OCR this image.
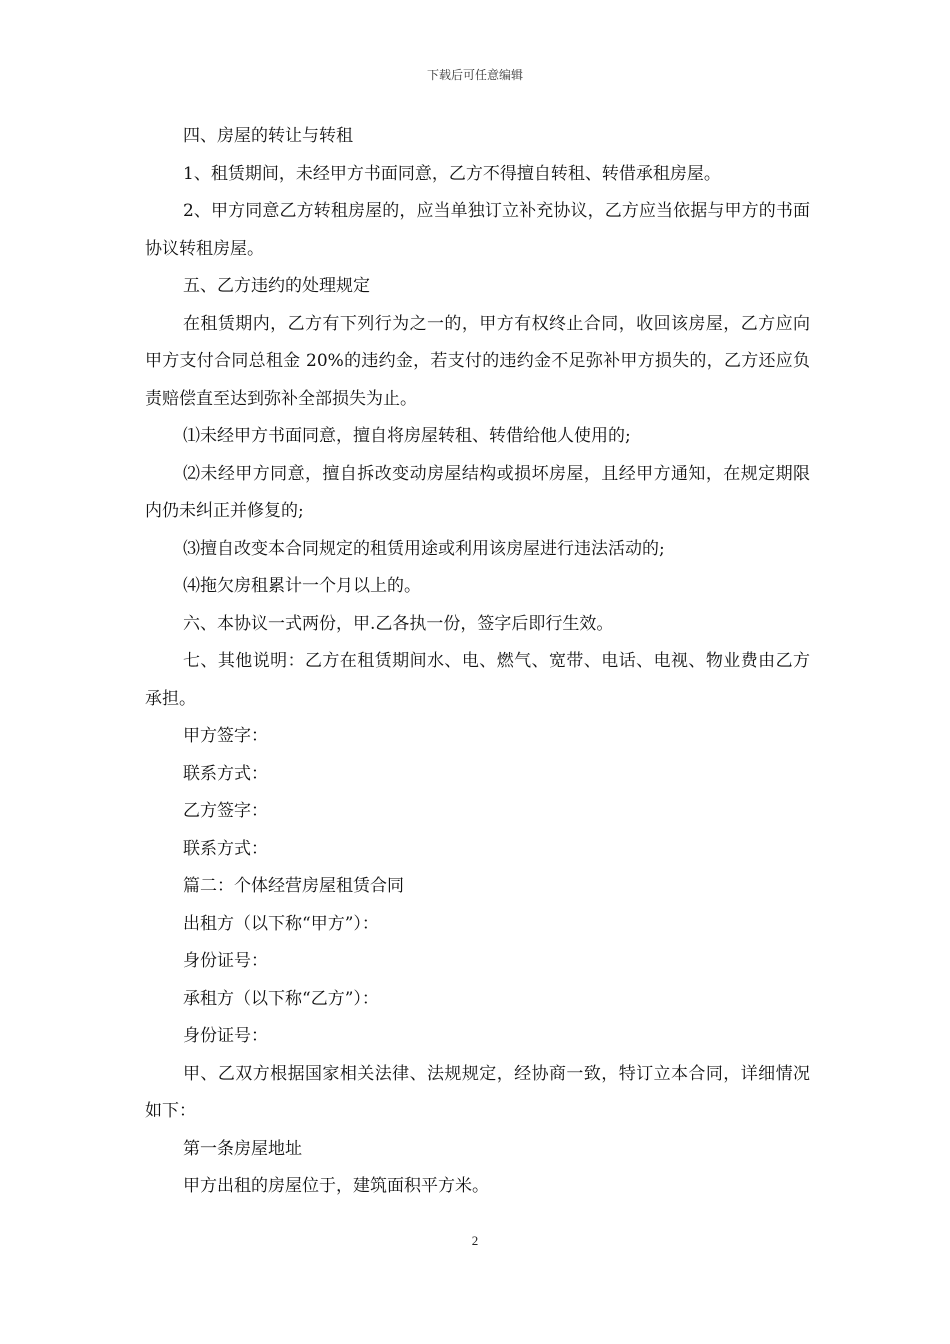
下载后可任意编辑

四、房屋的转让与转租

1、租赁期间，未经甲方书面同意，乙方不得擅自转租、转借承租房屋。

2、甲方同意乙方转租房屋的，应当单独订立补充协议，乙方应当依据与甲方的书面协议转租房屋。

五、乙方违约的处理规定

在租赁期内，乙方有下列行为之一的，甲方有权终止合同，收回该房屋，乙方应向甲方支付合同总租金 20%的违约金，若支付的违约金不足弥补甲方损失的，乙方还应负责赔偿直至达到弥补全部损失为止。

⑴未经甲方书面同意，擅自将房屋转租、转借给他人使用的;

⑵未经甲方同意，擅自拆改变动房屋结构或损坏房屋，且经甲方通知，在规定期限内仍未纠正并修复的;

⑶擅自改变本合同规定的租赁用途或利用该房屋进行违法活动的;

⑷拖欠房租累计一个月以上的。

六、本协议一式两份，甲.乙各执一份，签字后即行生效。

七、其他说明：乙方在租赁期间水、电、燃气、宽带、电话、电视、物业费由乙方承担。

甲方签字：

联系方式：

乙方签字：

联系方式：

篇二：个体经营房屋租赁合同

出租方（以下称“甲方”）：

身份证号：

承租方（以下称“乙方”）：

身份证号：

甲、乙双方根据国家相关法律、法规规定，经协商一致，特订立本合同，详细情况如下：

第一条房屋地址

甲方出租的房屋位于，建筑面积平方米。

2
